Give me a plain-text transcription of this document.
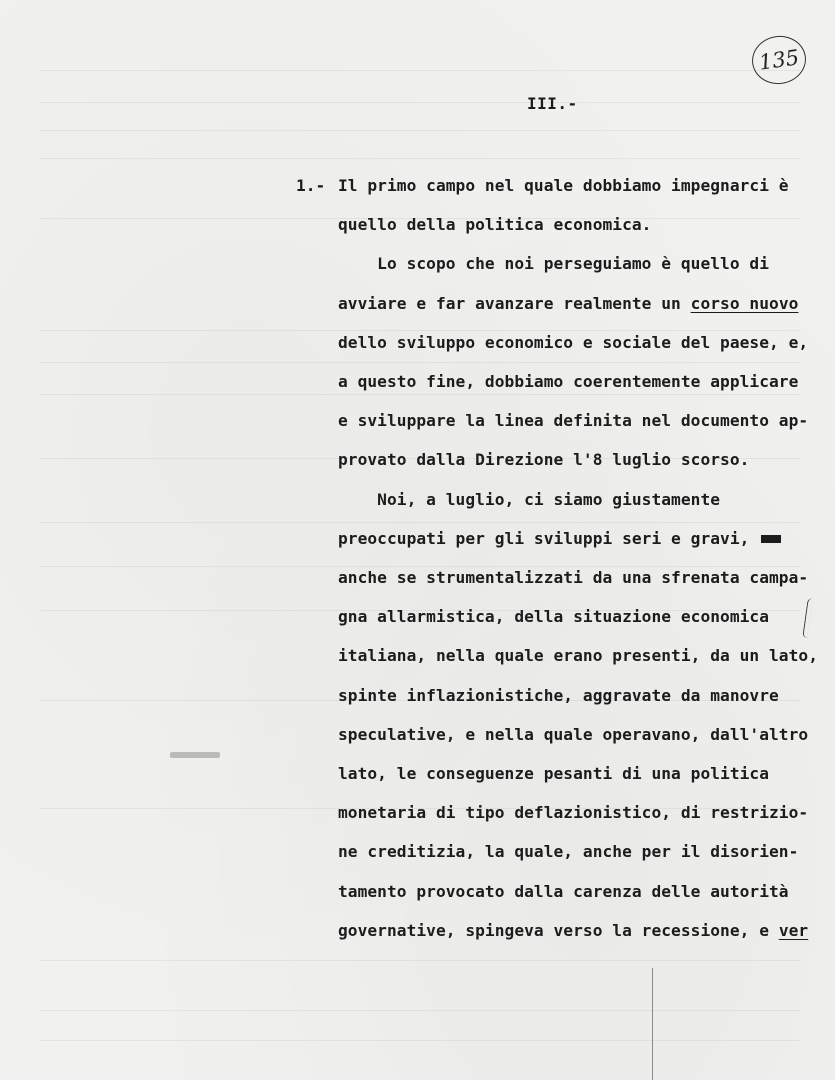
135
III.-
1.- Il primo campo nel quale dobbiamo impegnarci è
quello della politica economica.
Lo scopo che noi perseguiamo è quello di
avviare e far avanzare realmente un corso nuovo
dello sviluppo economico e sociale del paese, e,
a questo fine, dobbiamo coerentemente applicare
e sviluppare la linea definita nel documento ap-
provato dalla Direzione l'8 luglio scorso.
Noi, a luglio, ci siamo giustamente
preoccupati per gli sviluppi seri e gravi,
anche se strumentalizzati da una sfrenata campa-
gna allarmistica, della situazione economica
italiana, nella quale erano presenti, da un lato,
spinte inflazionistiche, aggravate da manovre
speculative, e nella quale operavano, dall'altro
lato, le conseguenze pesanti di una politica
monetaria di tipo deflazionistico, di restrizio-
ne creditizia, la quale, anche per il disorien-
tamento provocato dalla carenza delle autorità
governative, spingeva verso la recessione, e ver
